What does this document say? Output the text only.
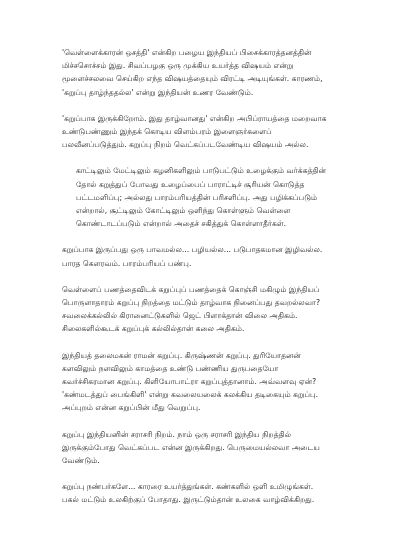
'வெள்ளைக்காரன் ஒசத்தி' என்கிற பழைய இந்தியப் பிசைக்காரத்தனத்தின்
மிச்சசொச்சம் இது. சிவப்பழகு ஒரு முக்கிய உயர்த்த விஷயம் என்று
மூளைச்சலவை செய்கிற எந்த விஷயத்தையும் விரட்டி அடியுங்கள். காரணம்,
'கறுப்பு தாழ்ந்ததல்ல' என்று இந்தியன் உணர வேண்டும்.
'கறுப்பாக இருக்கிறோம். இது தாழ்வானது' என்கிற அபிப்ராயத்தை மறைவாக
உண்டுபண்ணும் இந்தக் கொடிய விளம்பரம் இளைஞர்களைப்
பலவீனப்படுத்தும். கறுப்பு நிறம் வெட்கப்படவேண்டிய விஷயம் அல்ல.
காட்டிலும் மேட்டிலும் கழனிகளிலும் பாடுபட்டும் உழைக்கும் வர்க்கத்தின்
தோல் கறுத்துப் போவது உழைப்பைப் பாராட்டிச் சூரியன் கொடுத்த
பட்டமளிப்பு; அல்லது பாரம்பரியத்தின் பரிசளிப்பு. அது பழிக்கப்படும்
என்றால், சூட்டிலும் கோட்டிலும் ஒளிந்து கொள்ளும் வெள்ளை
கொண்டாடப்படும் என்றால் அதைச் சகித்துக் கொள்ளாதீர்கள்.
கறுப்பாக இருப்பது ஒரு பாவமல்ல... பழியல்ல... படுபாதகமான இழிவல்ல.
பாரத கௌரவம். பாரம்பரியப் பண்பு.
வெள்ளைப் பணத்தைவிடக் கறுப்புப் பணத்தைக் கொஞ்சி மகிழும் இந்தியப்
பொருளாதாரம் கறுப்பு நிறத்தை மட்டும் தாழ்வாக நினைப்பது தவறல்லவா?
சவலைக்கல்லில் கிரானைட்டுகளில் ஜெட் பிளாக்தான் விலை அதிகம்.
சிலைகளில்கூடக் கறுப்புக் கல்லில்தான் கலை அதிகம்.
இந்தியத் தலைமகன் ராமன் கறுப்பு. கிருஷ்ணன் கறுப்பு. துரியோதனன்
களவிலும் நளவிலும் காமத்தை உண்டு பண்ணிய துருபதையோ
கவர்ச்சிகரமான கறுப்பு. கிளியோபாட்ரா கறுப்புத்தானாம். அவ்வளவு ஏன்?
'கண்மடத்துப் பைங்கிளி' என்று கவலையலைக் கலக்கிய தடிகையும் கறுப்பு.
அப்புறம் என்ன கறுப்பின் மீது வெறுப்பு.
கறுப்பு இந்தியனின் சராசரி நிறம். நாம் ஒரு சராசரி இந்திய நிறத்தில்
இருக்கும்போது வெட்கப்பட என்ன இருக்கிறது. பெருமையல்லவா அடைய
வேண்டும்.
கறுப்பு நண்பர்களே... காரரை உயர்த்துங்கள். கண்களில் ஒளி உமிழுங்கள்.
பகல் மட்டும் உலகிற்குப் போதாது. இருட்டும்தான் உலகை வாழ்விக்கிறது.
